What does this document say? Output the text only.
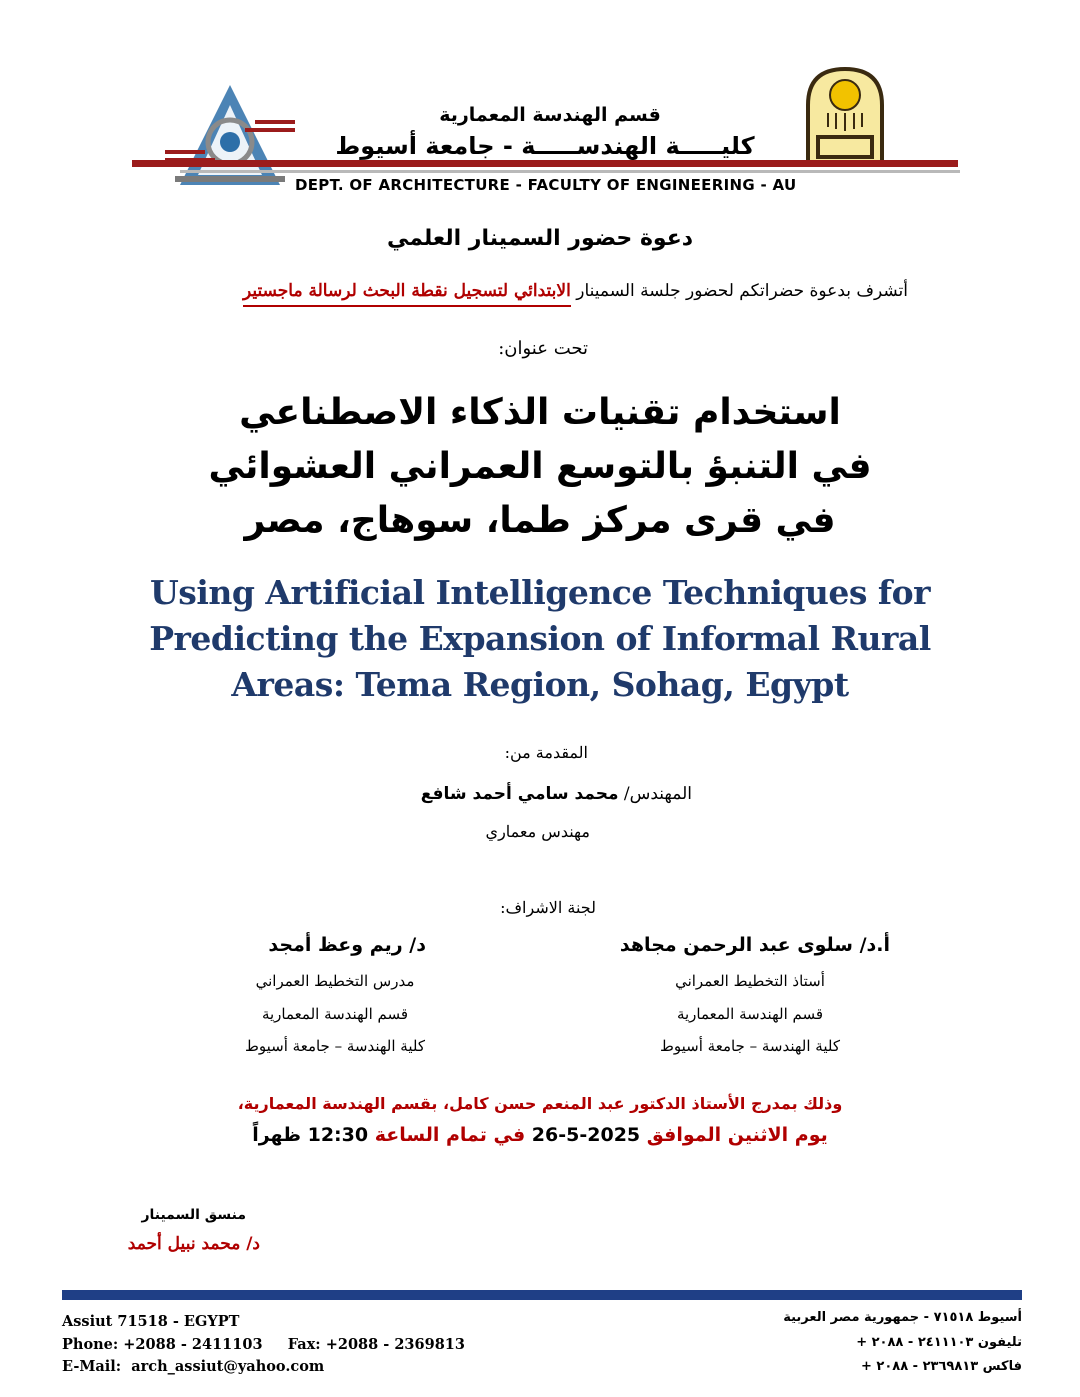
قسم الهندسة المعمارية
كليـــــة الهندســـــة - جامعة أسيوط
DEPT. OF ARCHITECTURE - FACULTY OF ENGINEERING - AU
دعوة حضور السمينار العلمي
أتشرف بدعوة حضراتكم لحضور جلسة السمينار الابتدائي لتسجيل نقطة البحث لرسالة ماجستير
تحت عنوان:
استخدام تقنيات الذكاء الاصطناعي
في التنبؤ بالتوسع العمراني العشوائي
في قرى مركز طما، سوهاج، مصر
Using Artificial Intelligence Techniques for
Predicting the Expansion of Informal Rural
Areas: Tema Region, Sohag, Egypt
المقدمة من:
المهندس/ محمد سامي أحمد شافع
مهندس معماري
لجنة الاشراف:
أ.د/ سلوى عبد الرحمن مجاهد
أستاذ التخطيط العمراني
قسم الهندسة المعمارية
كلية الهندسة – جامعة أسيوط
د/ ريم وعظ أمجد
مدرس التخطيط العمراني
قسم الهندسة المعمارية
كلية الهندسة – جامعة أسيوط
وذلك بمدرج الأستاذ الدكتور عبد المنعم حسن كامل، بقسم الهندسة المعمارية،
يوم الاثنين الموافق 2025-5-26 في تمام الساعة 12:30 ظهراً
منسق السمينار
د/ محمد نبيل أحمد
Assiut 71518 - EGYPT
Phone: +2088 - 2411103     Fax: +2088 - 2369813
E-Mail:  arch_assiut@yahoo.com
أسيوط ٧١٥١٨ - جمهورية مصر العربية
تليفون ٢٤١١١٠٣ - ٢٠٨٨ +
فاكس ٢٣٦٩٨١٣ - ٢٠٨٨ +
